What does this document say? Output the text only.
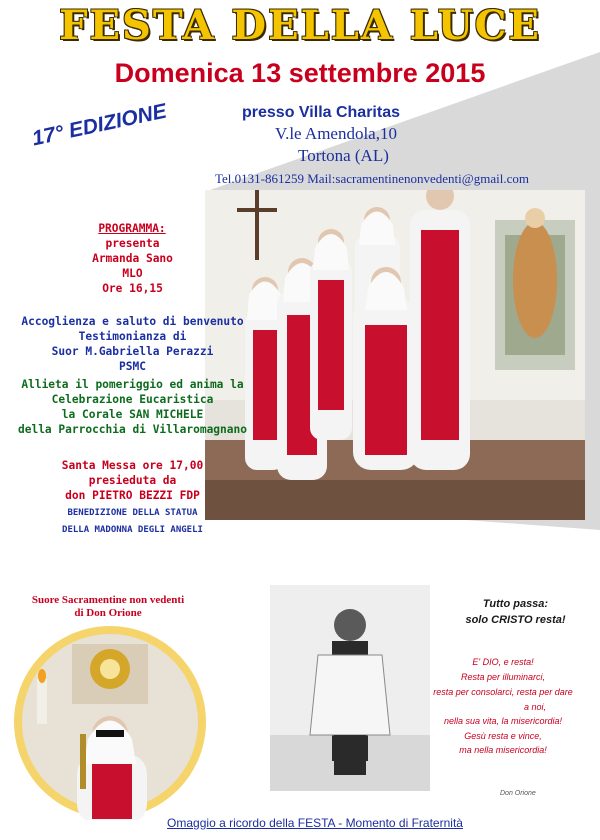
FESTA DELLA LUCE
Domenica 13 settembre 2015
17° EDIZIONE	presso Villa Charitas
V.le Amendola,10
Tortona (AL)
Tel.0131-861259 Mail:sacramentinenonvedenti@gmail.com
PROGRAMMA:
presenta
Armanda Sano
MLO
Ore 16,15
Accoglienza e saluto di benvenuto
Testimonianza di
Suor M.Gabriella Perazzi
PSMC
Allieta il pomeriggio ed anima la
Celebrazione Eucaristica
la Corale SAN MICHELE
della Parrocchia di Villaromagnano
Santa Messa ore 17,00
presieduta da
don PIETRO BEZZI FDP
BENEDIZIONE DELLA STATUA
DELLA MADONNA DEGLI ANGELI
Suore Sacramentine non vedenti
di Don Orione
Tutto passa:
solo CRISTO resta!
E' DIO, e resta!
Resta per illuminarci,
resta per consolarci, resta per dare
a noi,
nella sua vita, la misericordia!
Gesù resta e vince,
ma nella misericordia!
Don Orione
Omaggio a ricordo della FESTA - Momento di Fraternità
